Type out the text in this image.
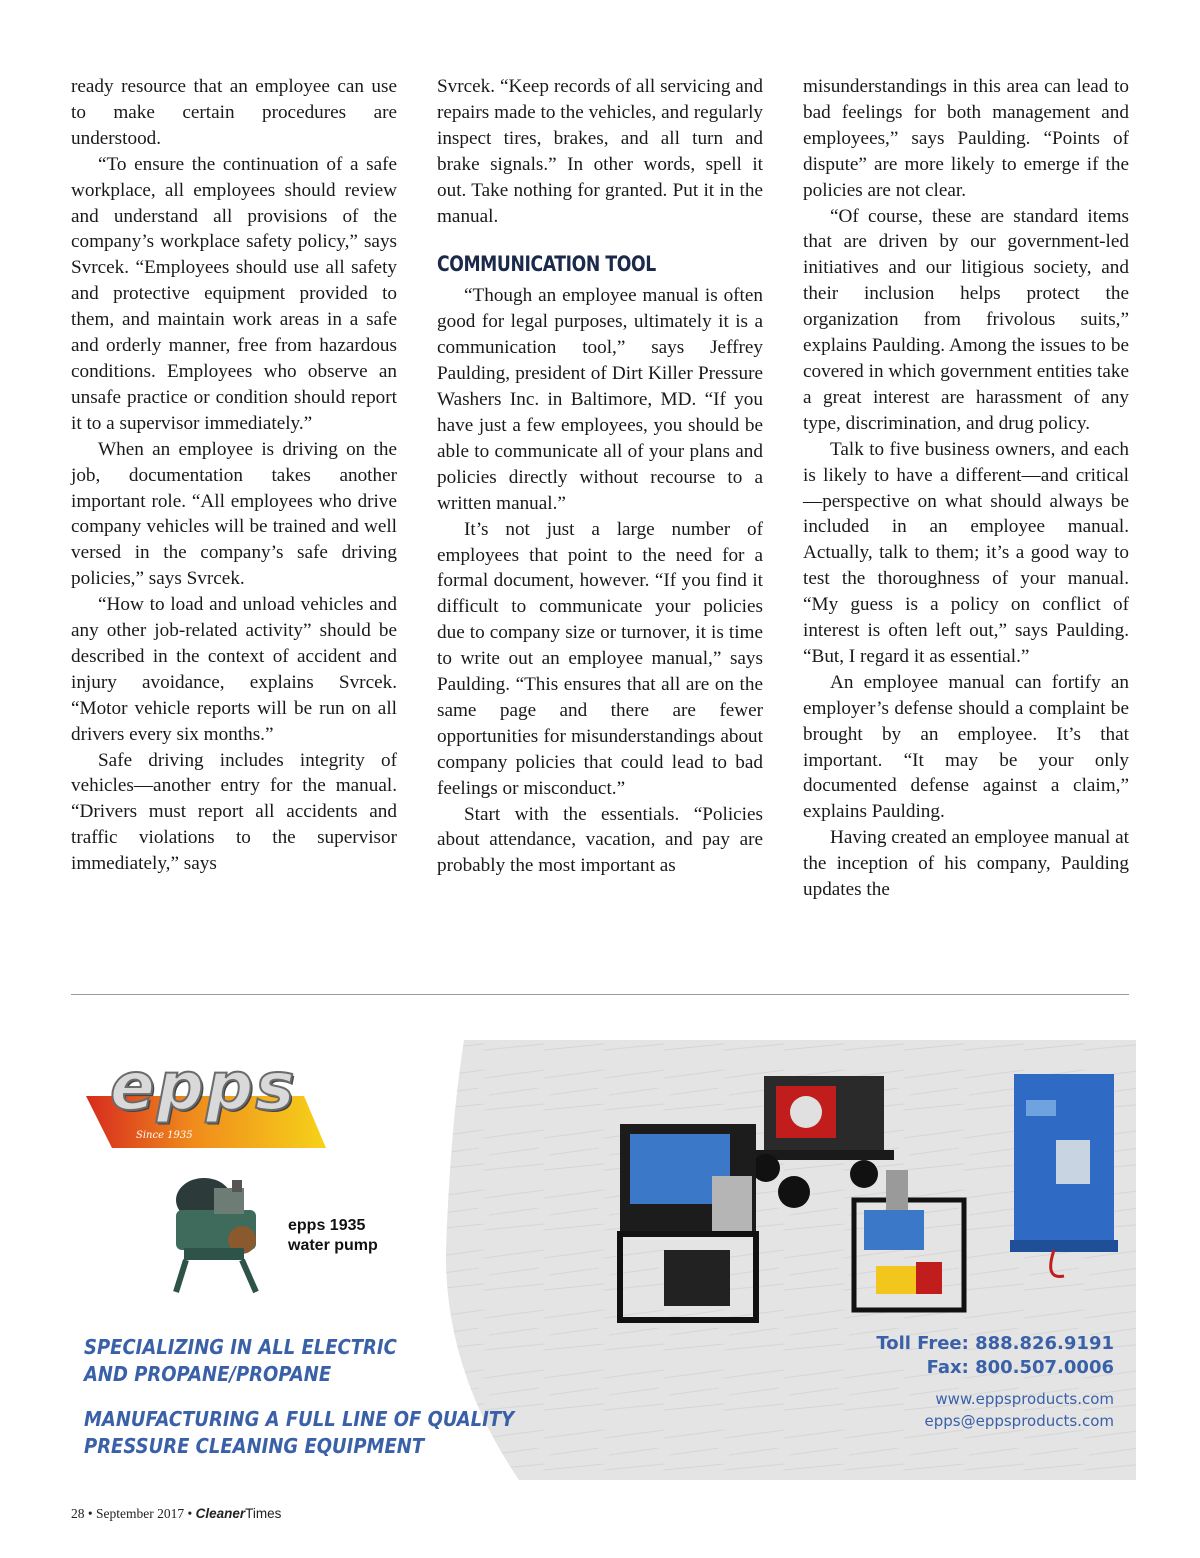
ready resource that an employee can use to make certain procedures are understood.

“To ensure the continuation of a safe workplace, all employees should review and understand all provisions of the company’s workplace safety policy,” says Svrcek. “Employees should use all safety and protective equipment provided to them, and maintain work areas in a safe and orderly manner, free from hazardous conditions. Employees who observe an unsafe practice or condition should report it to a supervisor immediately.”

When an employee is driving on the job, documentation takes another important role. “All employees who drive company vehicles will be trained and well versed in the company’s safe driving policies,” says Svrcek.

“How to load and unload vehicles and any other job-related activity” should be described in the context of accident and injury avoidance, explains Svrcek. “Motor vehicle reports will be run on all drivers every six months.”

Safe driving includes integrity of vehicles—another entry for the manual. “Drivers must report all accidents and traffic violations to the supervisor immediately,” says

Svrcek. “Keep records of all servicing and repairs made to the vehicles, and regularly inspect tires, brakes, and all turn and brake signals.” In other words, spell it out. Take nothing for granted. Put it in the manual.

COMMUNICATION TOOL

“Though an employee manual is often good for legal purposes, ultimately it is a communication tool,” says Jeffrey Paulding, president of Dirt Killer Pressure Washers Inc. in Baltimore, MD. “If you have just a few employees, you should be able to communicate all of your plans and policies directly without recourse to a written manual.”

It’s not just a large number of employees that point to the need for a formal document, however. “If you find it difficult to communicate your policies due to company size or turnover, it is time to write out an employee manual,” says Paulding. “This ensures that all are on the same page and there are fewer opportunities for misunderstandings about company policies that could lead to bad feelings or misconduct.”

Start with the essentials. “Policies about attendance, vacation, and pay are probably the most important as

misunderstandings in this area can lead to bad feelings for both management and employees,” says Paulding. “Points of dispute” are more likely to emerge if the policies are not clear.

“Of course, these are standard items that are driven by our government-led initiatives and our litigious society, and their inclusion helps protect the organization from frivolous suits,” explains Paulding. Among the issues to be covered in which government entities take a great interest are harassment of any type, discrimination, and drug policy.

Talk to five business owners, and each is likely to have a different—and critical—perspective on what should always be included in an employee manual. Actually, talk to them; it’s a good way to test the thoroughness of your manual. “My guess is a policy on conflict of interest is often left out,” says Paulding. “But, I regard it as essential.”

An employee manual can fortify an employer’s defense should a complaint be brought by an employee. It’s that important. “It may be your only documented defense against a claim,” explains Paulding.

Having created an employee manual at the inception of his company, Paulding updates the

epps
Since 1935
epps 1935
water pump
SPECIALIZING IN ALL ELECTRIC
AND PROPANE/PROPANE
MANUFACTURING A FULL LINE OF QUALITY
PRESSURE CLEANING EQUIPMENT
Toll Free: 888.826.9191
Fax: 800.507.0006
www.eppsproducts.com
epps@eppsproducts.com
28 • September 2017 • CleanerTimes
